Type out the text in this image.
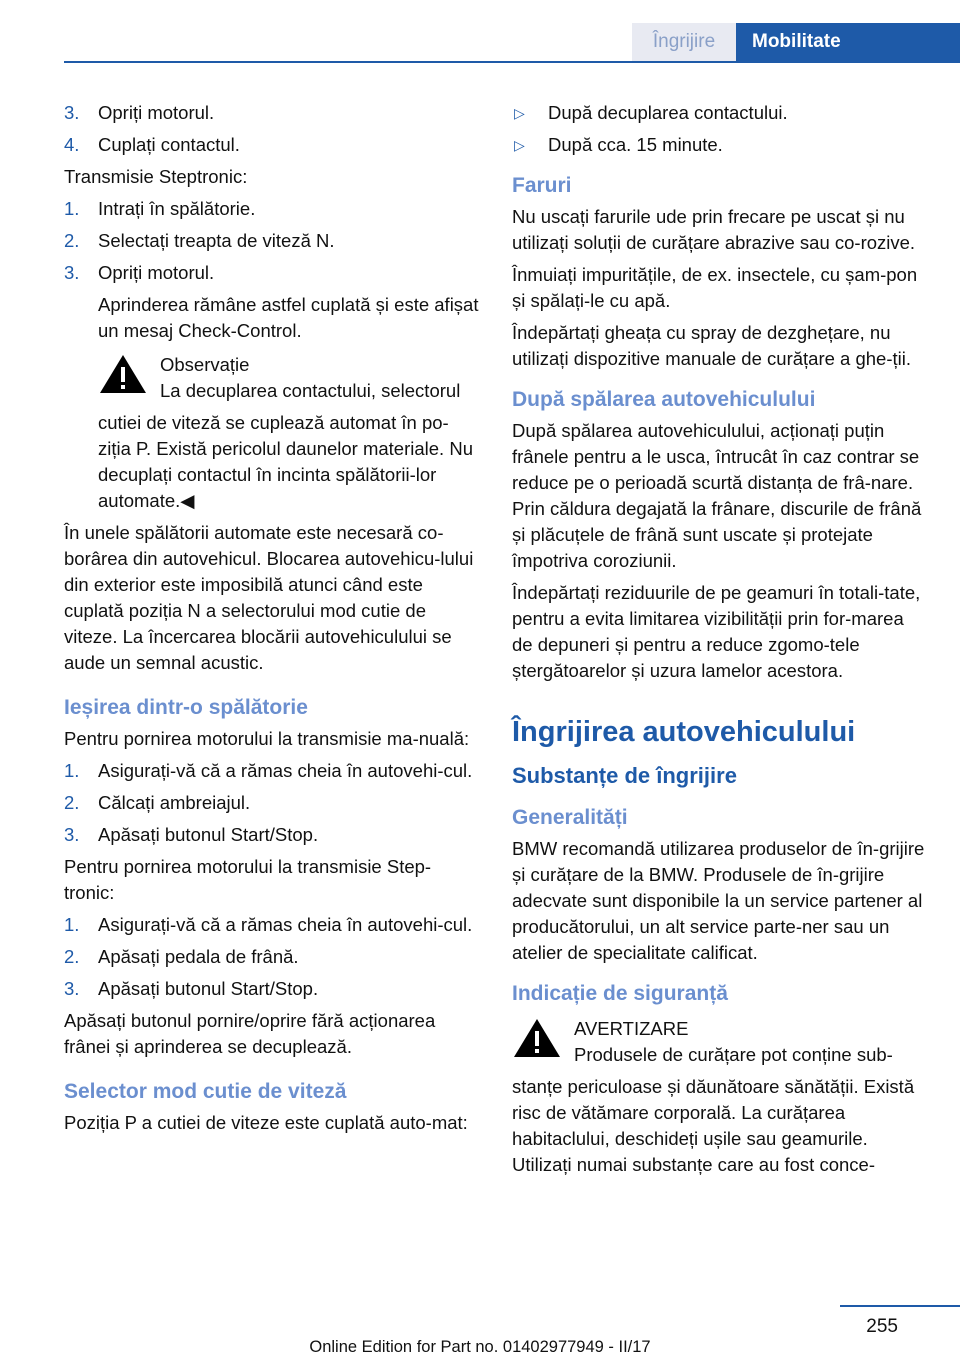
Îngrijire	Mobilitate
3.	Opriți motorul.
4.	Cuplați contactul.

Transmisie Steptronic:

1.	Intrați în spălătorie.
2.	Selectați treapta de viteză N.
3.	Opriți motorul.

Aprinderea rămâne astfel cuplată și este afișat un mesaj Check-Control.

Observație
La decuplarea contactului, selectorul

cutiei de viteză se cuplează automat în po-ziția P. Există pericolul daunelor materiale. Nu decuplați contactul în incinta spălătorii-lor automate.◀

În unele spălătorii automate este necesară co-borârea din autovehicul. Blocarea autovehicu-lului din exterior este imposibilă atunci când este cuplată poziția N a selectorului mod cutie de viteze. La încercarea blocării autovehiculului se aude un semnal acustic.

Ieșirea dintr-o spălătorie

Pentru pornirea motorului la transmisie ma-nuală:

1.	Asigurați-vă că a rămas cheia în autovehi-cul.
2.	Călcați ambreiajul.
3.	Apăsați butonul Start/Stop.

Pentru pornirea motorului la transmisie Step-tronic:

1.	Asigurați-vă că a rămas cheia în autovehi-cul.
2.	Apăsați pedala de frână.
3.	Apăsați butonul Start/Stop.

Apăsați butonul pornire/oprire fără acționarea frânei și aprinderea se decuplează.

Selector mod cutie de viteză

Poziția P a cutiei de viteze este cuplată auto-mat:

▷	După decuplarea contactului.
▷	După cca. 15 minute.
Faruri

Nu uscați farurile ude prin frecare pe uscat și nu utilizați soluții de curățare abrazive sau co-rozive.

Înmuiați impuritățile, de ex. insectele, cu șam-pon și spălați-le cu apă.

Îndepărtați gheața cu spray de dezghețare, nu utilizați dispozitive manuale de curățare a ghe-ții.

După spălarea autovehiculului

După spălarea autovehiculului, acționați puțin frânele pentru a le usca, întrucât în caz contrar se reduce pe o perioadă scurtă distanța de frâ-nare. Prin căldura degajată la frânare, discurile de frână și plăcuțele de frână sunt uscate și protejate împotriva coroziunii.

Îndepărtați reziduurile de pe geamuri în totali-tate, pentru a evita limitarea vizibilității prin for-marea de depuneri și pentru a reduce zgomo-tele ștergătoarelor și uzura lamelor acestora.

Îngrijirea autovehiculului
Substanțe de îngrijire
Generalități

BMW recomandă utilizarea produselor de în-grijire și curățare de la BMW. Produsele de în-grijire adecvate sunt disponibile la un service partener al producătorului, un alt service parte-ner sau un atelier de specialitate calificat.

Indicație de siguranță
AVERTIZARE
Produsele de curățare pot conține sub-

stanțe periculoase și dăunătoare sănătății. Există risc de vătămare corporală. La curățarea habitaclului, deschideți ușile sau geamurile. Utilizați numai substanțe care au fost conce-

255
Online Edition for Part no. 01402977949 - II/17
